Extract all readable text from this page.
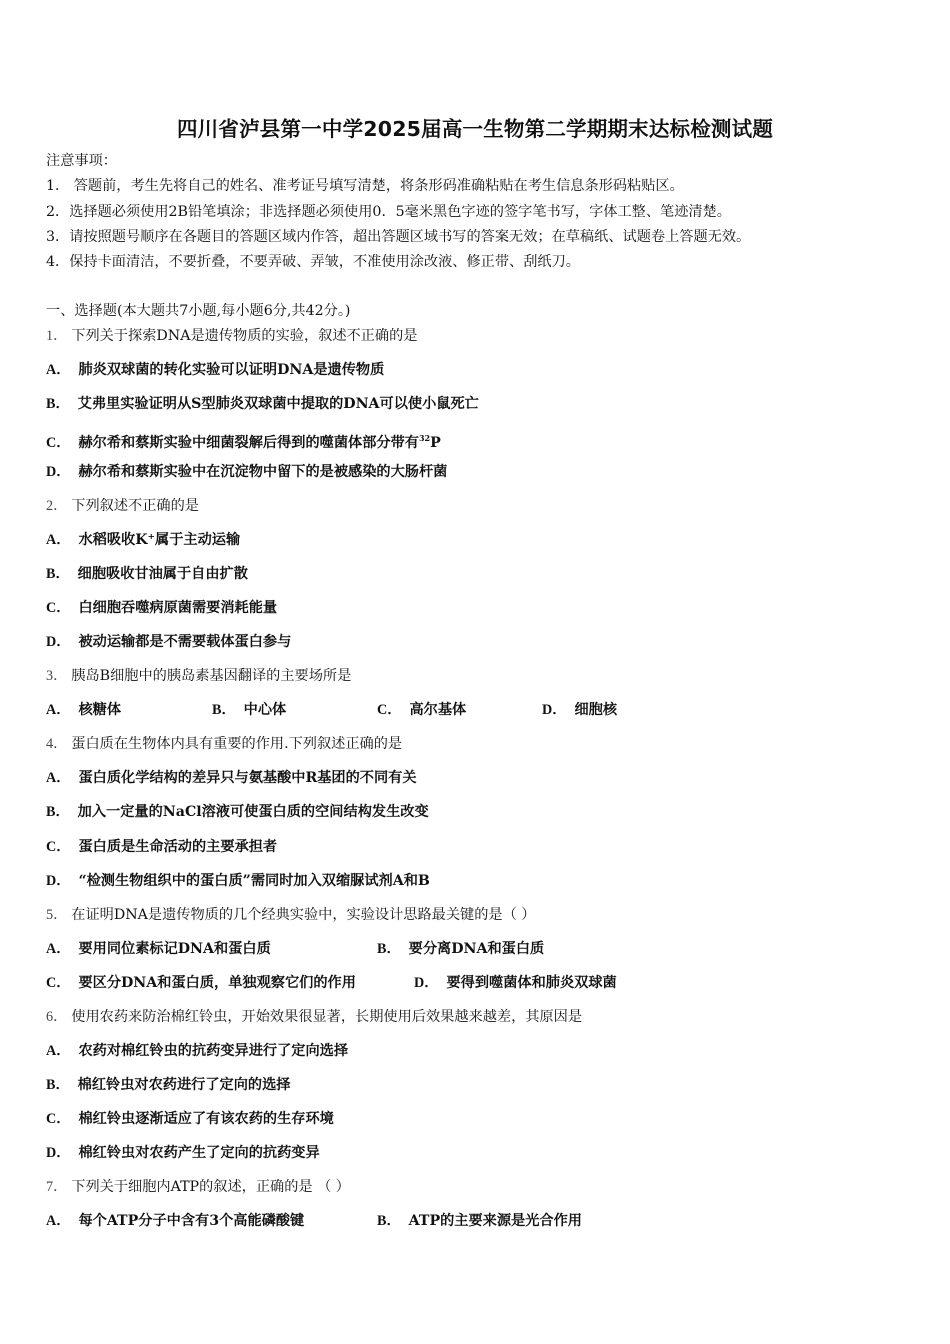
四川省泸县第一中学2025届高一生物第二学期期末达标检测试题
注意事项：
1． 答题前，考生先将自己的姓名、准考证号填写清楚，将条形码准确粘贴在考生信息条形码粘贴区。
2．选择题必须使用2B铅笔填涂；非选择题必须使用0．5毫米黑色字迹的签字笔书写，字体工整、笔迹清楚。
3．请按照题号顺序在各题目的答题区域内作答，超出答题区域书写的答案无效；在草稿纸、试题卷上答题无效。
4．保持卡面清洁，不要折叠，不要弄破、弄皱，不准使用涂改液、修正带、刮纸刀。
一、选择题(本大题共7小题,每小题6分,共42分。)
1． 下列关于探索DNA是遗传物质的实验，叙述不正确的是
A． 肺炎双球菌的转化实验可以证明DNA是遗传物质
B． 艾弗里实验证明从S型肺炎双球菌中提取的DNA可以使小鼠死亡
C． 赫尔希和蔡斯实验中细菌裂解后得到的噬菌体部分带有$^{32}$P
D． 赫尔希和蔡斯实验中在沉淀物中留下的是被感染的大肠杆菌
2． 下列叙述不正确的是
A． 水稻吸收K⁺属于主动运输
B． 细胞吸收甘油属于自由扩散
C． 白细胞吞噬病原菌需要消耗能量
D． 被动运输都是不需要载体蛋白参与
3． 胰岛B细胞中的胰岛素基因翻译的主要场所是
A． 核糖体	B． 中心体	C． 高尔基体	D． 细胞核
4． 蛋白质在生物体内具有重要的作用.下列叙述正确的是
A． 蛋白质化学结构的差异只与氨基酸中R基团的不同有关
B． 加入一定量的NaCl溶液可使蛋白质的空间结构发生改变
C． 蛋白质是生命活动的主要承担者
D． “检测生物组织中的蛋白质”需同时加入双缩脲试剂A和B
5． 在证明DNA是遗传物质的几个经典实验中，实验设计思路最关键的是（ ）
A． 要用同位素标记DNA和蛋白质	B． 要分离DNA和蛋白质
C． 要区分DNA和蛋白质，单独观察它们的作用	D． 要得到噬菌体和肺炎双球菌
6． 使用农药来防治棉红铃虫，开始效果很显著，长期使用后效果越来越差，其原因是
A． 农药对棉红铃虫的抗药变异进行了定向选择
B． 棉红铃虫对农药进行了定向的选择
C． 棉红铃虫逐渐适应了有该农药的生存环境
D． 棉红铃虫对农药产生了定向的抗药变异
7． 下列关于细胞内ATP的叙述，正确的是 （ ）
A． 每个ATP分子中含有3个高能磷酸键	B． ATP的主要来源是光合作用
